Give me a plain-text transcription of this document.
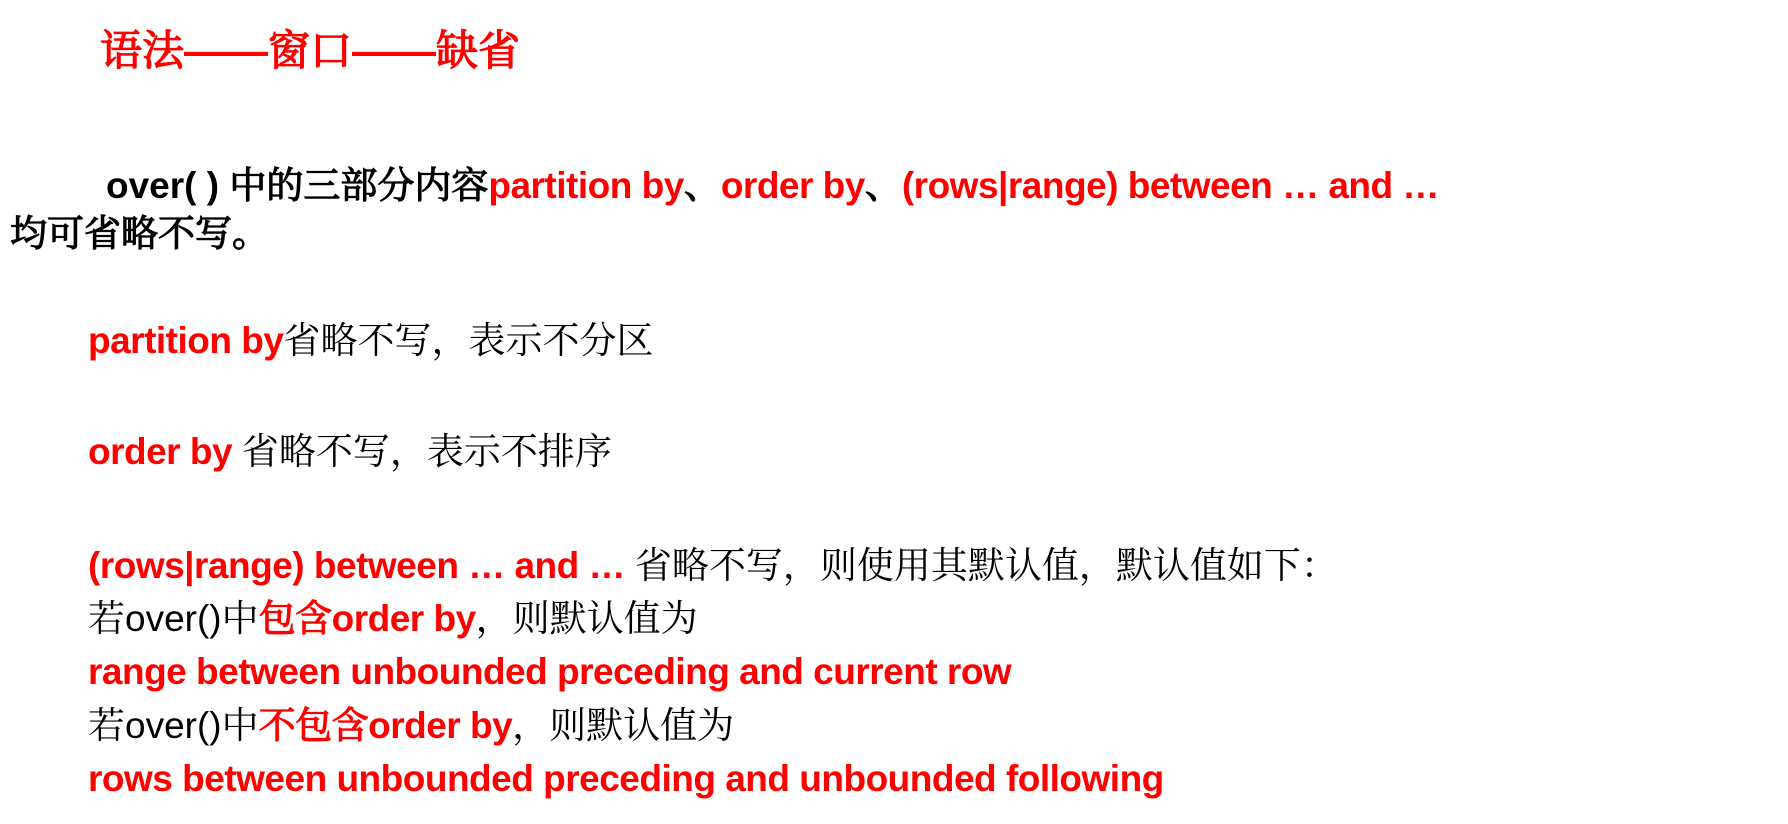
语法——窗口——缺省

over( ) 中的三部分内容partition by、order by、(rows|range) between … and …
均可省略不写。

partition by省略不写，表示不分区

order by 省略不写，表示不排序

(rows|range) between … and … 省略不写，则使用其默认值，默认值如下：
若over()中包含order by，则默认值为
range between unbounded preceding and current row
若over()中不包含order by，则默认值为
rows between unbounded preceding and unbounded following
